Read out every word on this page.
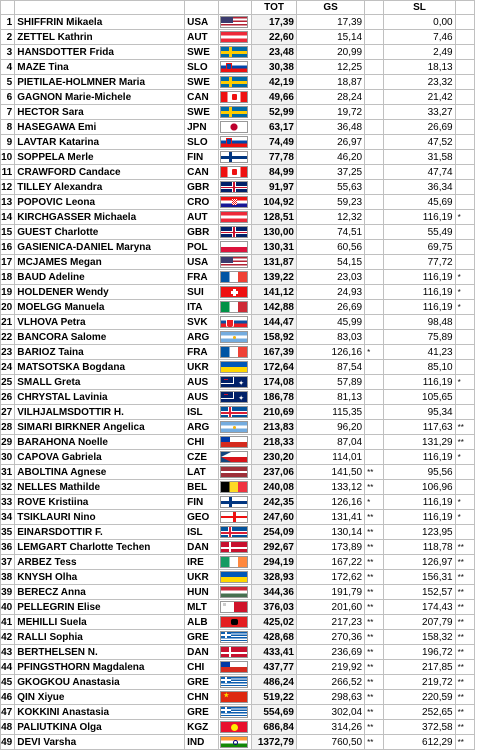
				TOT	GS		SL	
1	SHIFFRIN Mikaela	USA		17,39	17,39		0,00	
2	ZETTEL Kathrin	AUT		22,60	15,14		7,46	
3	HANSDOTTER Frida	SWE		23,48	20,99		2,49	
4	MAZE Tina	SLO		30,38	12,25		18,13	
5	PIETILAE-HOLMNER Maria	SWE		42,19	18,87		23,32	
6	GAGNON Marie-Michele	CAN		49,66	28,24		21,42	
7	HECTOR Sara	SWE		52,99	19,72		33,27	
8	HASEGAWA Emi	JPN		63,17	36,48		26,69	
9	LAVTAR Katarina	SLO		74,49	26,97		47,52	
10	SOPPELA Merle	FIN		77,78	46,20		31,58	
11	CRAWFORD Candace	CAN		84,99	37,25		47,74	
12	TILLEY Alexandra	GBR		91,97	55,63		36,34	
13	POPOVIC Leona	CRO		104,92	59,23		45,69	
14	KIRCHGASSER Michaela	AUT		128,51	12,32		116,19	*
15	GUEST Charlotte	GBR		130,00	74,51		55,49	
16	GASIENICA-DANIEL Maryna	POL		130,31	60,56		69,75	
17	MCJAMES Megan	USA		131,87	54,15		77,72	
18	BAUD Adeline	FRA		139,22	23,03		116,19	*
19	HOLDENER Wendy	SUI		141,12	24,93		116,19	*
20	MOELGG Manuela	ITA		142,88	26,69		116,19	*
21	VLHOVA Petra	SVK		144,47	45,99		98,48	
22	BANCORA Salome	ARG		158,92	83,03		75,89	
23	BARIOZ Taina	FRA		167,39	126,16	*	41,23	
24	MATSOTSKA Bogdana	UKR		172,64	87,54		85,10	
25	SMALL Greta	AUS	✦	174,08	57,89		116,19	*
26	CHRYSTAL Lavinia	AUS	✦	186,78	81,13		105,65	
27	VILHJALMSDOTTIR H.	ISL		210,69	115,35		95,34	
28	SIMARI BIRKNER Angelica	ARG		213,83	96,20		117,63	**
29	BARAHONA Noelle	CHI		218,33	87,04		131,29	**
30	CAPOVA Gabriela	CZE		230,20	114,01		116,19	*
31	ABOLTINA Agnese	LAT		237,06	141,50	**	95,56	
32	NELLES Mathilde	BEL		240,08	133,12	**	106,96	
33	ROVE Kristiina	FIN		242,35	126,16	*	116,19	*
34	TSIKLAURI Nino	GEO		247,60	131,41	**	116,19	*
35	EINARSDOTTIR F.	ISL		254,09	130,14	**	123,95	
36	LEMGART Charlotte Techen	DAN		292,67	173,89	**	118,78	**
37	ARBEZ Tess	IRE		294,19	167,22	**	126,97	**
38	KNYSH Olha	UKR		328,93	172,62	**	156,31	**
39	BERECZ Anna	HUN		344,36	191,79	**	152,57	**
40	PELLEGRIN Elise	MLT		376,03	201,60	**	174,43	**
41	MEHILLI Suela	ALB		425,02	217,23	**	207,79	**
42	RALLI Sophia	GRE		428,68	270,36	**	158,32	**
43	BERTHELSEN N.	DAN		433,41	236,69	**	196,72	**
44	PFINGSTHORN Magdalena	CHI		437,77	219,92	**	217,85	**
45	GKOGKOU Anastasia	GRE		486,24	266,52	**	219,72	**
46	QIN Xiyue	CHN	★	519,22	298,63	**	220,59	**
47	KOKKINI Anastasia	GRE		554,69	302,04	**	252,65	**
48	PALIUTKINA Olga	KGZ		686,84	314,26	**	372,58	**
49	DEVI Varsha	IND		1372,79	760,50	**	612,29	**
